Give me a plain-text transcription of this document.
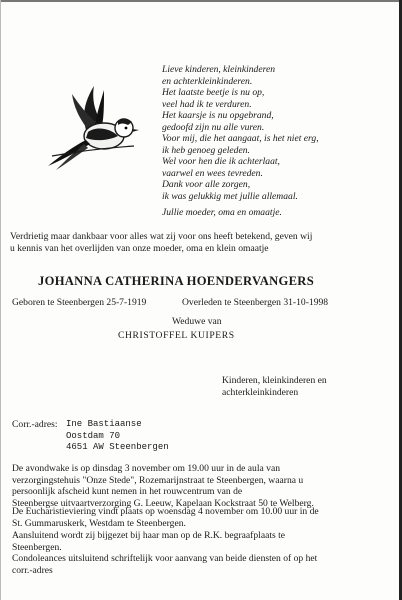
Lieve kinderen, kleinkinderen
en achterkleinkinderen.
Het laatste beetje is nu op,
veel had ik te verduren.
Het kaarsje is nu opgebrand,
gedoofd zijn nu alle vuren.
Voor mij, die het aangaat, is het niet erg,
ik heb genoeg geleden.
Wel voor hen die ik achterlaat,
vaarwel en wees tevreden.
Dank voor alle zorgen,
ik was gelukkig met jullie allemaal.
Jullie moeder, oma en omaatje.
Verdrietig maar dankbaar voor alles wat zij voor ons heeft betekend, geven wij
u kennis van het overlijden van onze moeder, oma en klein omaatje
JOHANNA CATHERINA HOENDERVANGERS
Geboren te Steenbergen 25-7-1919	Overleden te Steenbergen 31-10-1998
Weduwe van
CHRISTOFFEL KUIPERS
Kinderen, kleinkinderen en
achterkleinkinderen
Corr.-adres: Ine Bastiaanse
Oostdam 70
4651 AW Steenbergen
De avondwake is op dinsdag 3 november om 19.00 uur in de aula van
verzorgingstehuis "Onze Stede", Rozemarijnstraat te Steenbergen, waarna u
persoonlijk afscheid kunt nemen in het rouwcentrum van de
Steenbergse uitvaartverzorging G. Leeuw, Kapelaan Kockstraat 50 te Welberg.
De Eucharistieviering vindt plaats op woensdag 4 november om 10.00 uur in de
St. Gummaruskerk, Westdam te Steenbergen.
Aansluitend wordt zij bijgezet bij haar man op de R.K. begraafplaats te
Steenbergen.
Condoleances uitsluitend schriftelijk voor aanvang van beide diensten of op het
corr.-adres
